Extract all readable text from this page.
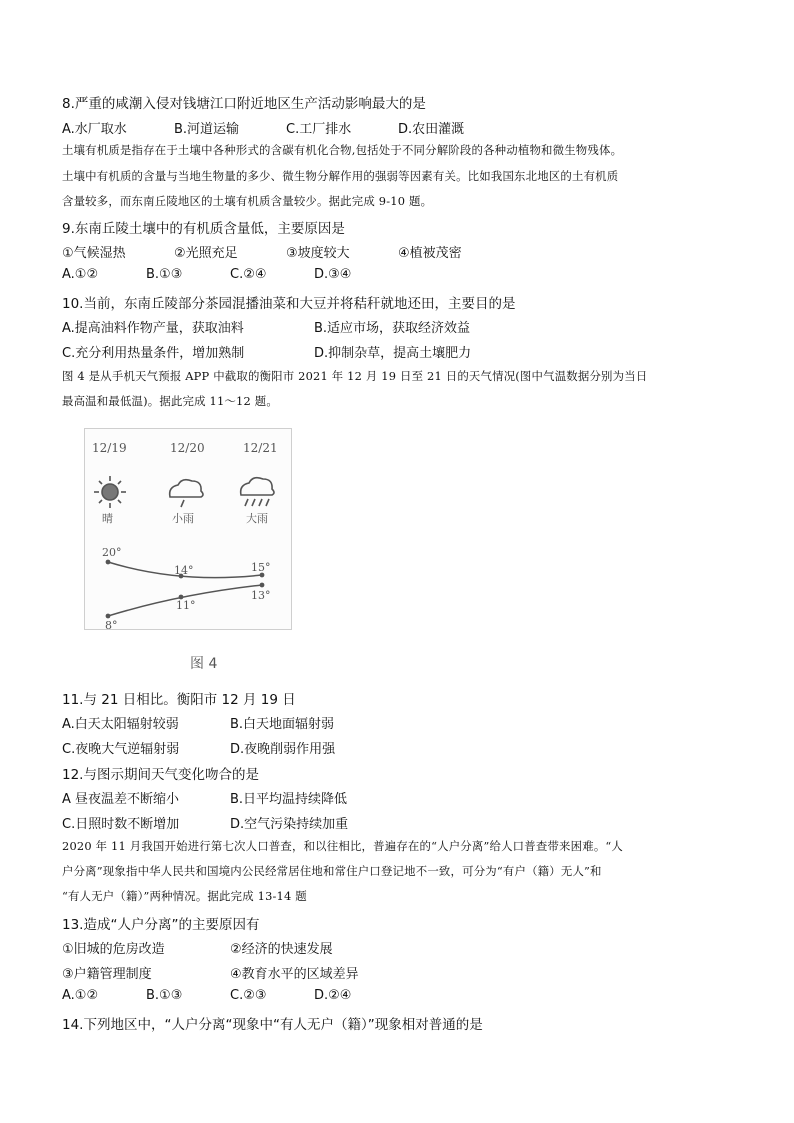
8.严重的咸潮入侵对钱塘江口附近地区生产活动影响最大的是
A.水厂取水	B.河道运输	C.工厂排水	D.农田灌溉
土壤有机质是指存在于土壤中各种形式的含碳有机化合物,包括处于不同分解阶段的各种动植物和微生物残体。
土壤中有机质的含量与当地生物量的多少、微生物分解作用的强弱等因素有关。比如我国东北地区的土有机质
含量较多，而东南丘陵地区的土壤有机质含量较少。据此完成 9-10 题。
9.东南丘陵土壤中的有机质含量低，主要原因是
①气候湿热	②光照充足	③坡度较大	④植被茂密
A.①②	B.①③	C.②④	D.③④
10.当前，东南丘陵部分茶园混播油菜和大豆并将秸秆就地还田，主要目的是
A.提高油料作物产量，获取油料	B.适应市场，获取经济效益
C.充分利用热量条件，增加熟制	D.抑制杂草，提高土壤肥力
图 4 是从手机天气预报 APP 中截取的衡阳市 2021 年 12 月 19 日至 21 日的天气情况(图中气温数据分别为当日
最高温和最低温)。据此完成 11～12 题。
12/19	12/20	12/21
晴	小雨	大雨
20°
14°	15°
8°
11°
13°
图 4
11.与 21 日相比。衡阳市 12 月 19 日
A.白天太阳辐射较弱	B.白天地面辐射弱
C.夜晚大气逆辐射弱	D.夜晚削弱作用强
12.与图示期间天气变化吻合的是
A 昼夜温差不断缩小	B.日平均温持续降低
C.日照时数不断增加	D.空气污染持续加重
2020 年 11 月我国开始进行第七次人口普查，和以往相比，普遍存在的“人户分离”给人口普查带来困难。“人
户分离”现象指中华人民共和国境内公民经常居住地和常住户口登记地不一致，可分为“有户（籍）无人”和
“有人无户（籍）”两种情况。据此完成 13-14 题
13.造成“人户分离”的主要原因有
①旧城的危房改造	②经济的快速发展
③户籍管理制度	④教育水平的区域差异
A.①②	B.①③	C.②③	D.②④
14.下列地区中，“人户分离“现象中“有人无户（籍）”现象相对普通的是
